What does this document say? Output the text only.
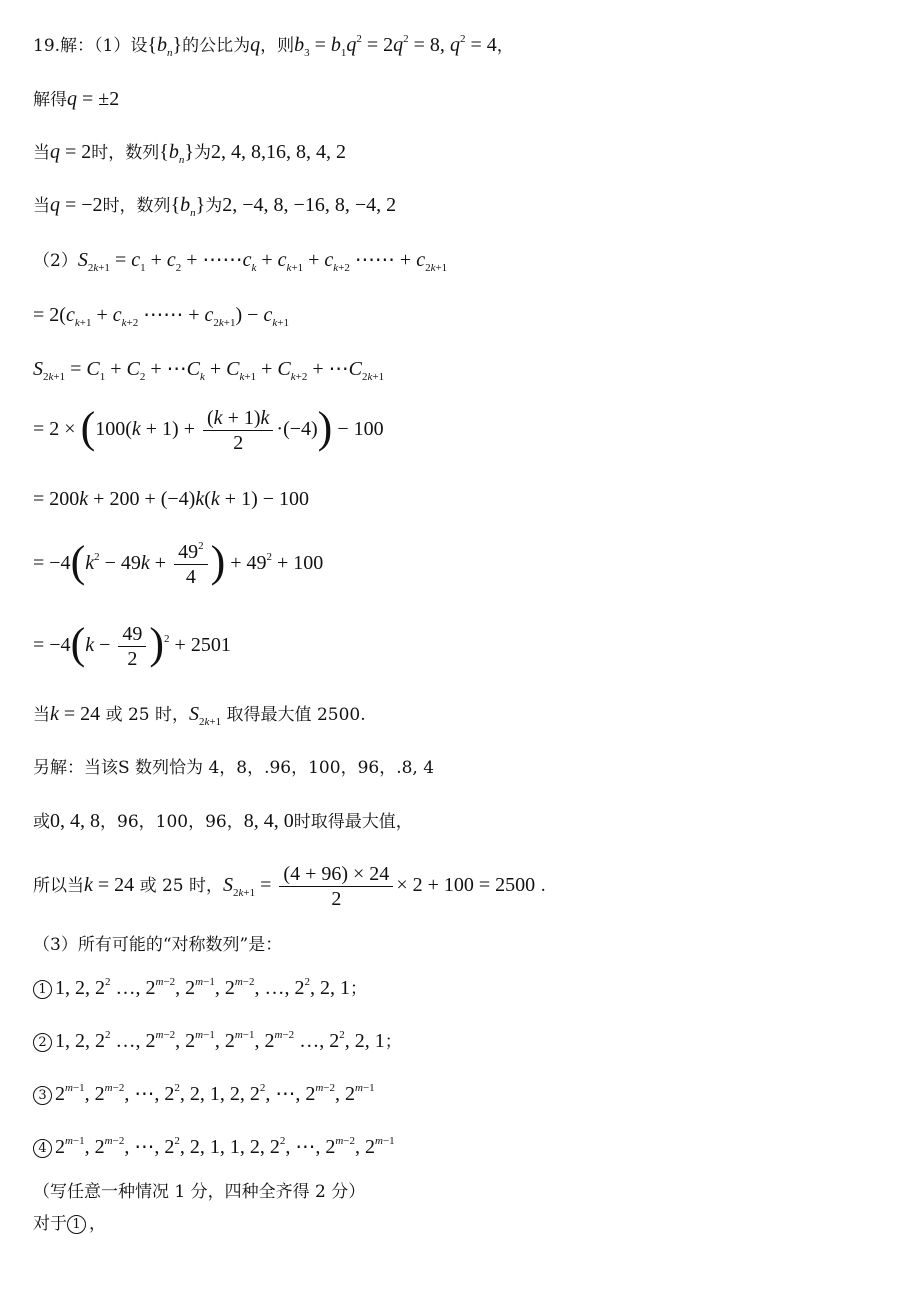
19.解：（1）设$\{b_n\}$的公比为q，则$b_3 = b_1q^2 = 2q^2 = 8$, $q^2 = 4$，
解得q = ±2
当q = 2时，数列$\{b_n\}$为2, 4, 8,16, 8, 4, 2
当q = −2时，数列$\{b_n\}$为2, −4, 8, −16, 8, −4, 2
$(2)S_{2k+1} = c_1 + c_2$ + $\cdots\cdots c_k + c_{k+1} + c_{k+2}$ ⋯⋯ + $c_{2k+1}$
= $2(c_{k+1} + c_{k+2}$ ⋯⋯ + $c_{2k+1}) - c_{k+1}$
$S_{2k+1} = C_1 + C_2$ + $\cdots C_k + C_{k+1} + C_{k+2}$ + $\cdots C_{2k+1}$
= $2 \times (100(k + 1) + \frac{(k + 1)k}{2} \cdot(-4)) - 100$
= 200k + 200 + (−4)k(k + 1) − 100
= $-4(k^2 - 49k + \frac{49^2}{4}$ ) + $49^2 + 100$
= $-4(k - \frac{49}{2} )^2 + 2501$
当k = 24 或 25 时，$S_{2k+1}$ 取得最大值 2500.
另解：当该S 数列恰为 4，8，.96，100，96，.8, 4
或0, 4, 8，96，100，96，8, 4, 0时取得最大值，
所以当k = 24 或 25 时，$S_{2k+1} = \frac{(4 + 96) \times 24}{2} \times 2 + 100 = 2500$ .
（3）所有可能的“对称数列”是：
1 1, 2, $2^2$ …, $2^{m-2}$, $2^{m-1}$, $2^{m-2}$, …, $2^2$, 2, 1；
2 1, 2, $2^2$ …, $2^{m-2}$, $2^{m-1}$, $2^{m-1}$, $2^{m-2}$ …, $2^2$, 2, 1；
3 $2^{m-1}$, $2^{m-2}$, ⋯, $2^2$, 2, 1, 2, $2^2$, ⋯, $2^{m-2}$, $2^{m-1}$
4 $2^{m-1}$, $2^{m-2}$, ⋯, $2^2$, 2, 1, 1, 2, $2^2$, ⋯, $2^{m-2}$, $2^{m-1}$
（写任意一种情况 1 分，四种全齐得 2 分）
对于 1 ，
